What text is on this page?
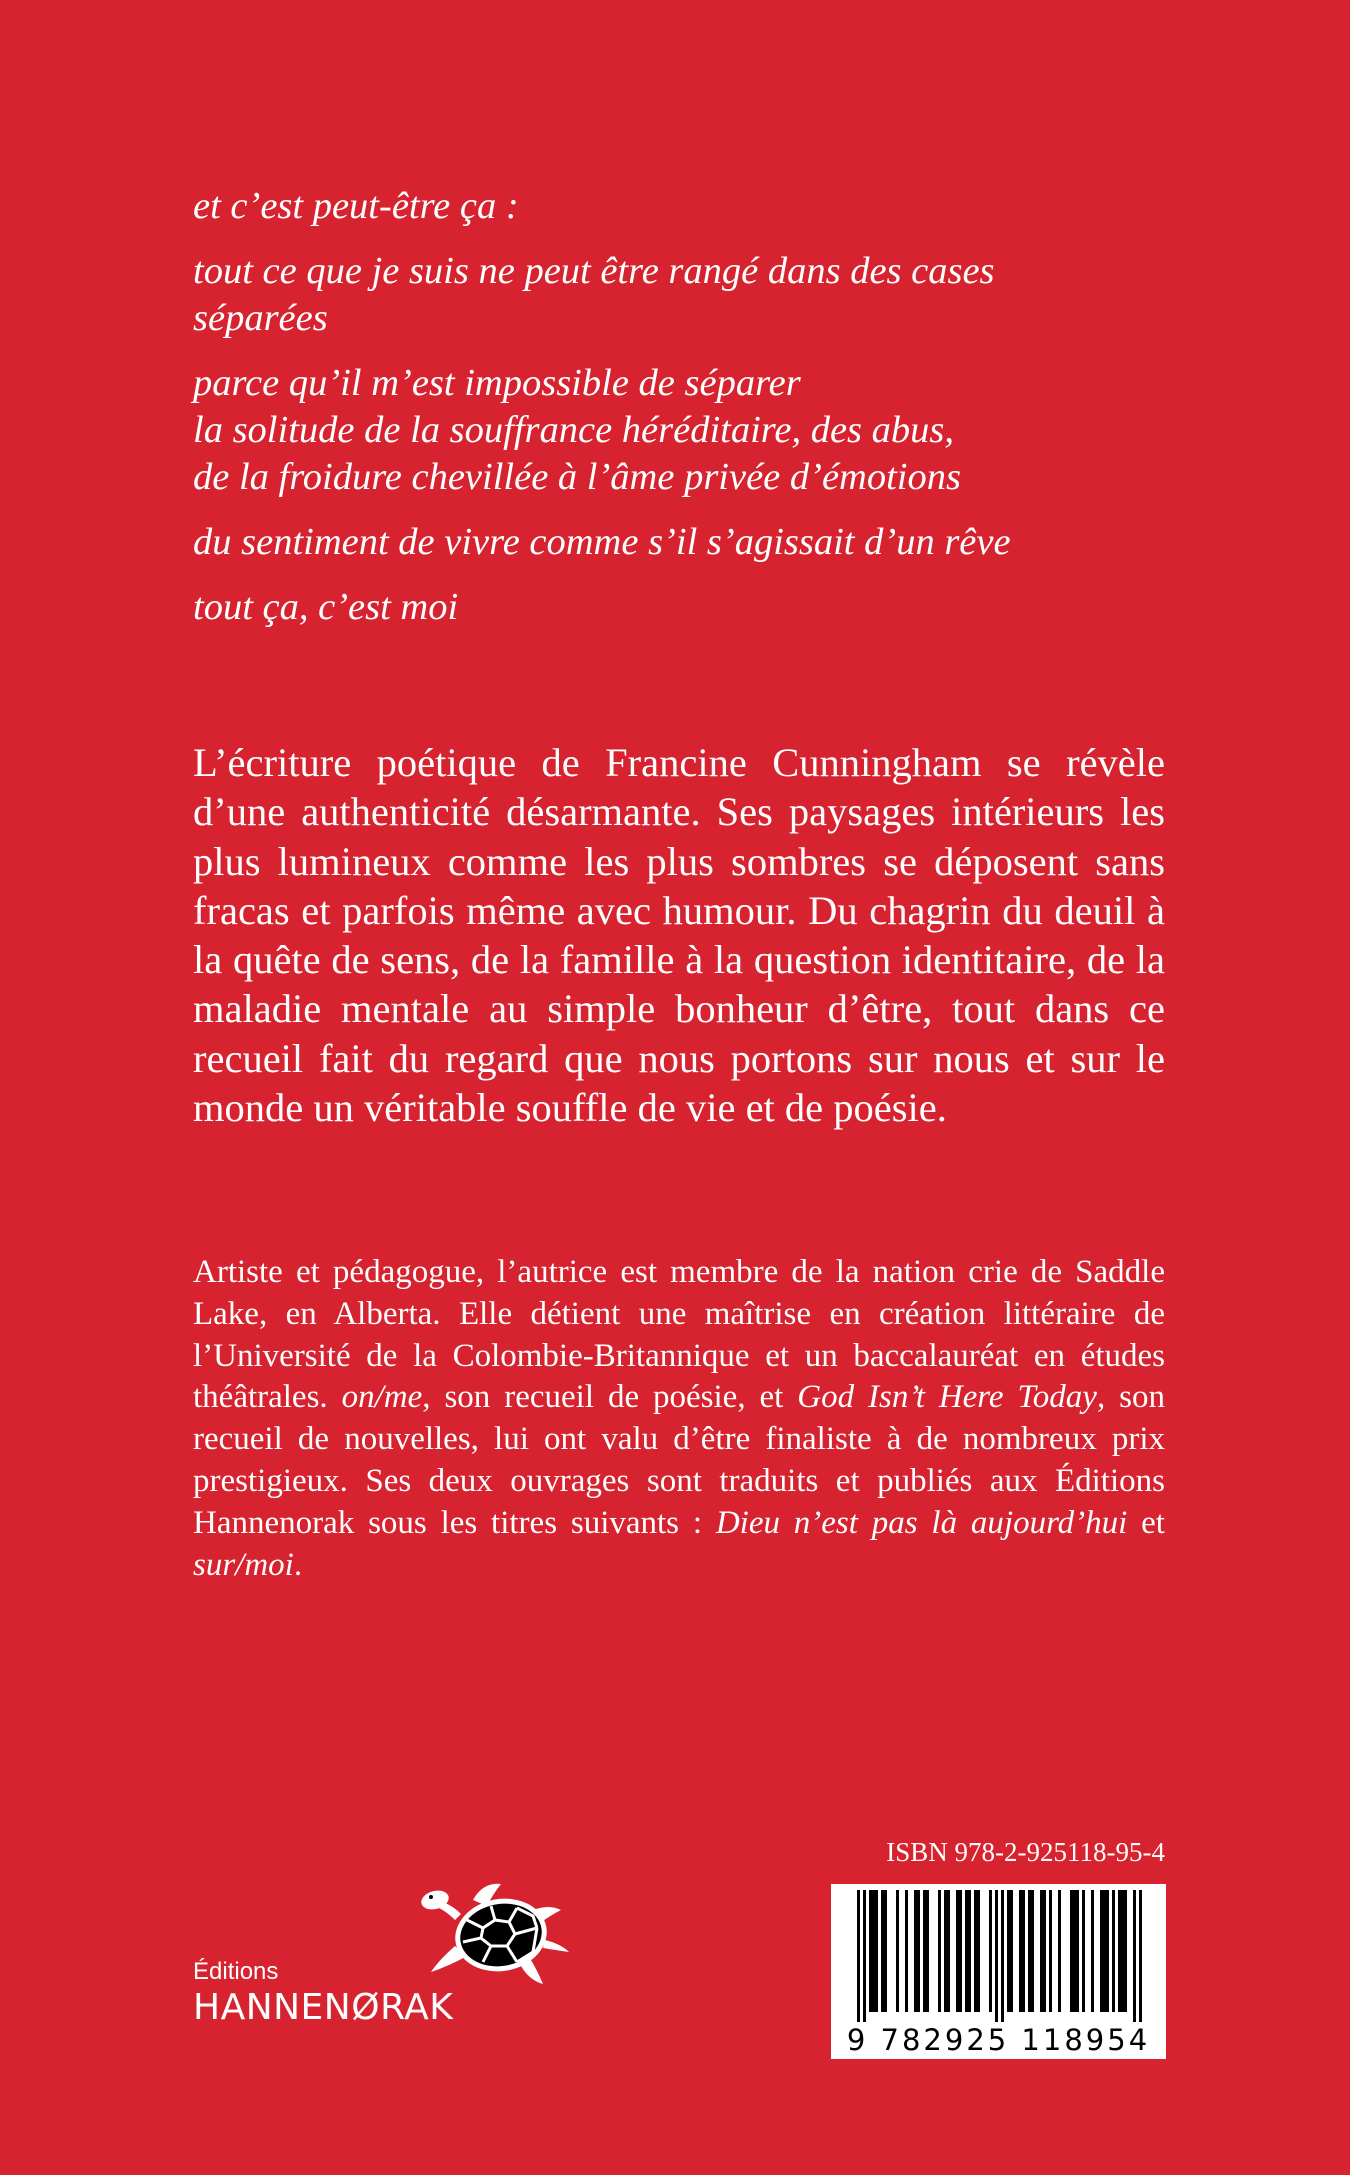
et c’est peut-être ça :

tout ce que je suis ne peut être rangé dans des cases
séparées

parce qu’il m’est impossible de séparer
la solitude de la souffrance héréditaire, des abus,
de la froidure chevillée à l’âme privée d’émotions

du sentiment de vivre comme s’il s’agissait d’un rêve

tout ça, c’est moi

L’écriture poétique de Francine Cunningham se révèle d’une authenticité désarmante. Ses paysages intérieurs les plus lumineux comme les plus sombres se déposent sans fracas et parfois même avec humour. Du chagrin du deuil à la quête de sens, de la famille à la question identitaire, de la maladie mentale au simple bonheur d’être, tout dans ce recueil fait du regard que nous portons sur nous et sur le monde un véritable souffle de vie et de poésie.

Artiste et pédagogue, l’autrice est membre de la nation crie de Saddle Lake, en Alberta. Elle détient une maîtrise en création littéraire de l’Université de la Colombie-Britannique et un baccalauréat en études théâtrales. on/me, son recueil de poésie, et God Isn’t Here Today, son recueil de nouvelles, lui ont valu d’être finaliste à de nombreux prix prestigieux. Ses deux ouvrages sont traduits et publiés aux Éditions Hannenorak sous les titres suivants : Dieu n’est pas là aujourd’hui et sur/moi.

Éditions
HANNENØRAK
ISBN 978-2-925118-95-4
9 782925 118954
